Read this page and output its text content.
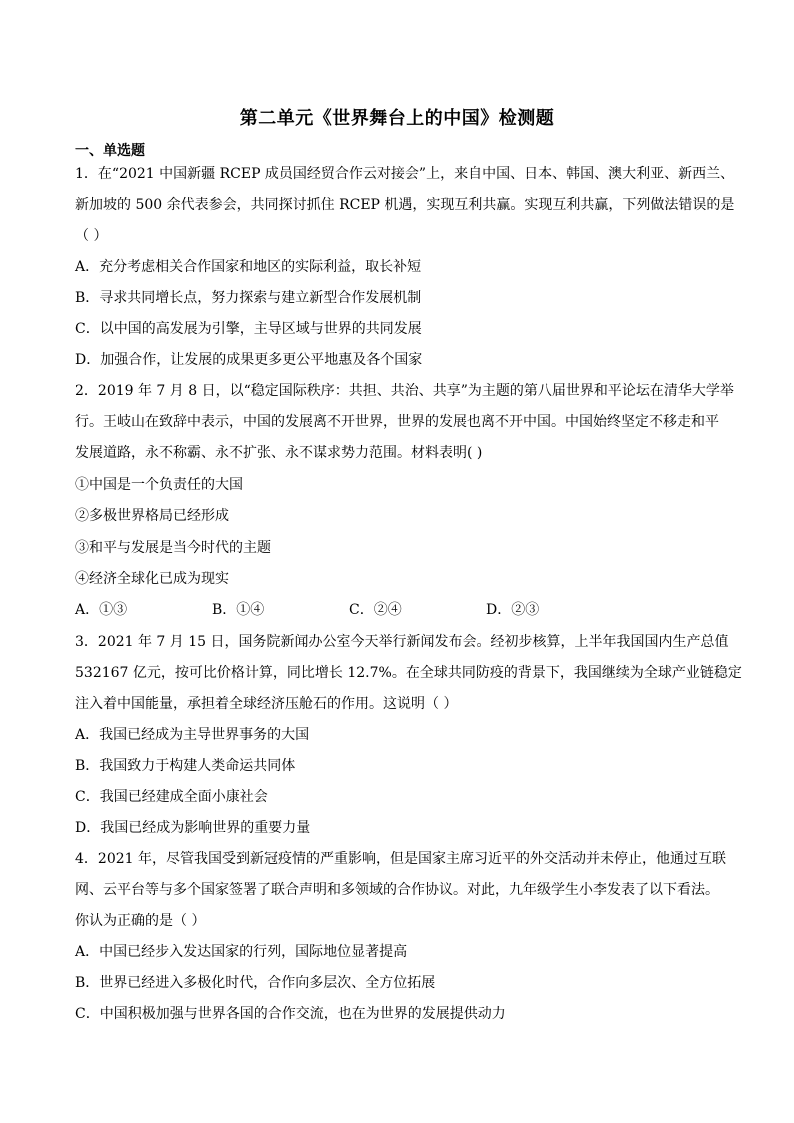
第二单元《世界舞台上的中国》检测题
一、单选题
1．在“2021 中国新疆 RCEP 成员国经贸合作云对接会”上，来自中国、日本、韩国、澳大利亚、新西兰、
新加坡的 500 余代表参会，共同探讨抓住 RCEP 机遇，实现互利共赢。实现互利共赢，下列做法错误的是
（ ）
A．充分考虑相关合作国家和地区的实际利益，取长补短
B．寻求共同增长点，努力探索与建立新型合作发展机制
C．以中国的高发展为引擎，主导区域与世界的共同发展
D．加强合作，让发展的成果更多更公平地惠及各个国家
2．2019 年 7 月 8 日，以“稳定国际秩序：共担、共治、共享”为主题的第八届世界和平论坛在清华大学举
行。王岐山在致辞中表示，中国的发展离不开世界，世界的发展也离不开中国。中国始终坚定不移走和平
发展道路，永不称霸、永不扩张、永不谋求势力范围。材料表明( )
①中国是一个负责任的大国
②多极世界格局已经形成
③和平与发展是当今时代的主题
④经济全球化已成为现实
A．①③	B．①④	C．②④	D．②③
3．2021 年 7 月 15 日，国务院新闻办公室今天举行新闻发布会。经初步核算，上半年我国国内生产总值
532167 亿元，按可比价格计算，同比增长 12.7%。在全球共同防疫的背景下，我国继续为全球产业链稳定
注入着中国能量，承担着全球经济压舱石的作用。这说明（ ）
A．我国已经成为主导世界事务的大国
B．我国致力于构建人类命运共同体
C．我国已经建成全面小康社会
D．我国已经成为影响世界的重要力量
4．2021 年，尽管我国受到新冠疫情的严重影响，但是国家主席习近平的外交活动并未停止，他通过互联
网、云平台等与多个国家签署了联合声明和多领域的合作协议。对此，九年级学生小李发表了以下看法。
你认为正确的是（ ）
A．中国已经步入发达国家的行列，国际地位显著提高
B．世界已经进入多极化时代，合作向多层次、全方位拓展
C．中国积极加强与世界各国的合作交流，也在为世界的发展提供动力
